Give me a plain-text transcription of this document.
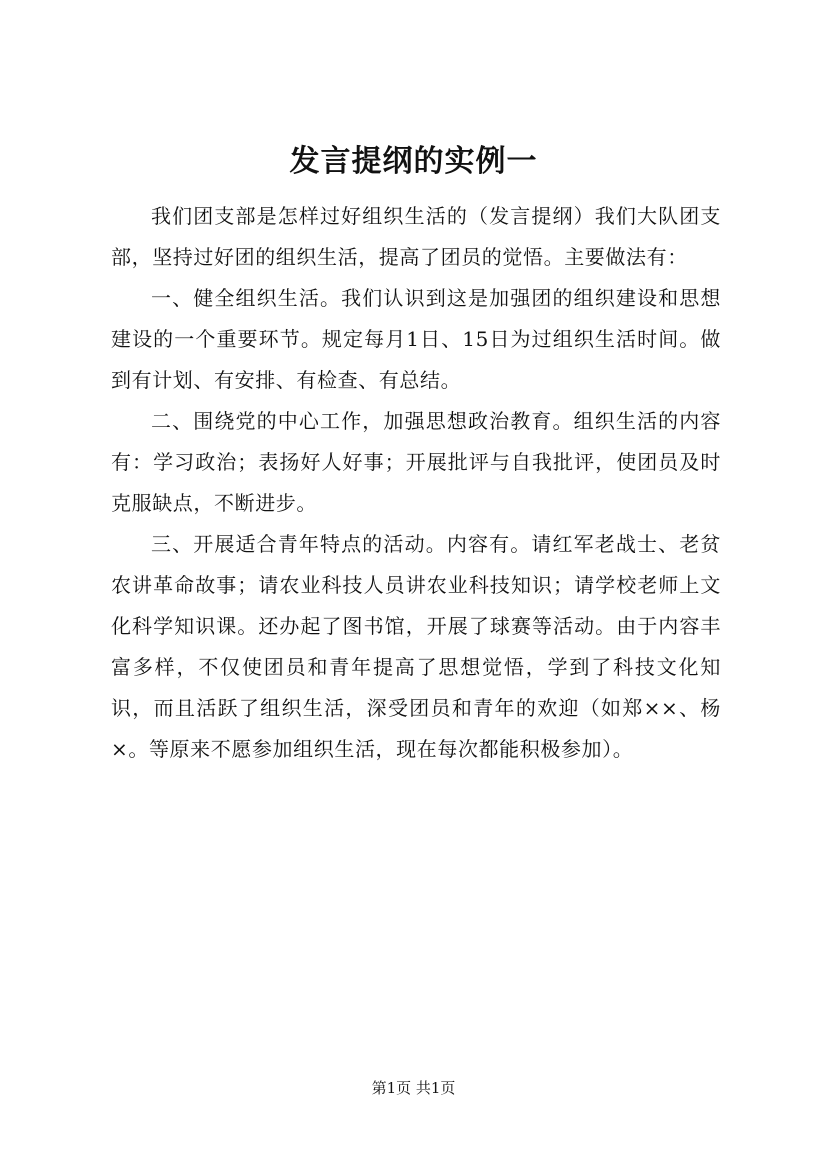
发言提纲的实例一

我们团支部是怎样过好组织生活的（发言提纲）我们大队团支部，坚持过好团的组织生活，提高了团员的觉悟。主要做法有：

一、健全组织生活。我们认识到这是加强团的组织建设和思想建设的一个重要环节。规定每月1日、15日为过组织生活时间。做到有计划、有安排、有检查、有总结。

二、围绕党的中心工作，加强思想政治教育。组织生活的内容有：学习政治；表扬好人好事；开展批评与自我批评，使团员及时克服缺点，不断进步。

三、开展适合青年特点的活动。内容有。请红军老战士、老贫农讲革命故事；请农业科技人员讲农业科技知识；请学校老师上文化科学知识课。还办起了图书馆，开展了球赛等活动。由于内容丰富多样，不仅使团员和青年提高了思想觉悟，学到了科技文化知识，而且活跃了组织生活，深受团员和青年的欢迎（如郑××、杨×。等原来不愿参加组织生活，现在每次都能积极参加）。

第1页 共1页
